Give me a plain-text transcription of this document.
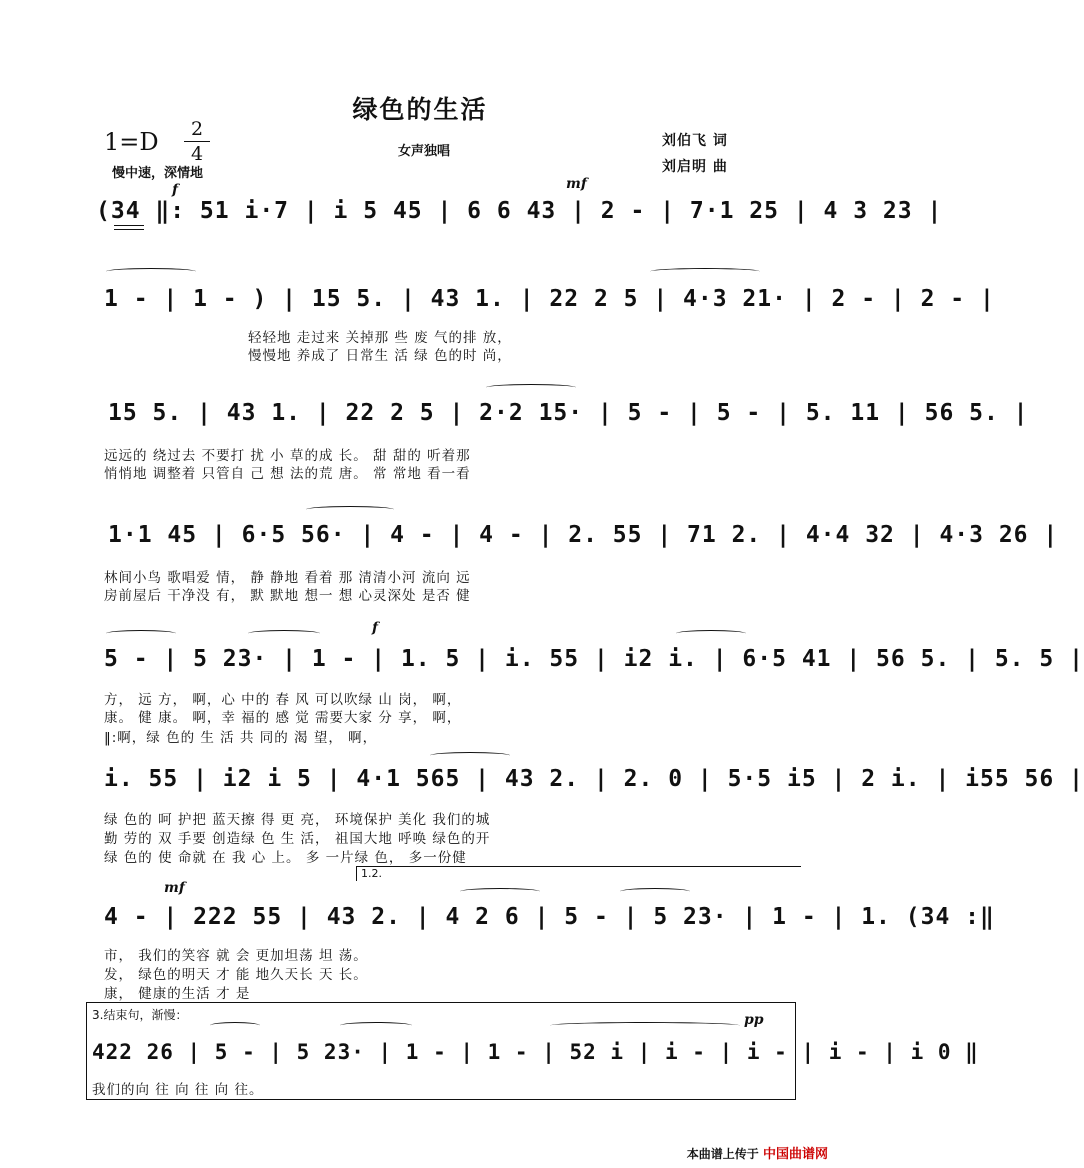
绿色的生活
1=D	2
4
慢中速，深情地
女声独唱
刘伯飞 词
刘启明 曲
f	mf
(34 ‖: 51 i·7 | i 5 45 | 6 6 43 | 2 - | 7·1 25 | 4 3 23 |
1 - | 1 - ) | 15 5. | 43 1. | 22 2 5 | 4·3 21· | 2 - | 2 - |
轻轻地 走过来 关掉那 些 废 气的排 放，
慢慢地 养成了 日常生 活 绿 色的时 尚，
15 5. | 43 1. | 22 2 5 | 2·2 15· | 5 - | 5 - | 5. 11 | 56 5. |
远远的 绕过去 不要打 扰 小 草的成 长。 甜 甜的 听着那
悄悄地 调整着 只管自 己 想 法的荒 唐。 常 常地 看一看
1·1 45 | 6·5 56· | 4 - | 4 - | 2. 55 | 71 2. | 4·4 32 | 4·3 26 |
林间小鸟 歌唱爱 情， 静 静地 看着 那 清清小河 流向 远
房前屋后 干净没 有， 默 默地 想一 想 心灵深处 是否 健
f
5 - | 5 23· | 1 - | 1. 5 | i. 55 | i2 i. | 6·5 41 | 56 5. | 5. 5 |
方， 远 方， 啊，心 中的 春 风 可以吹绿 山 岗， 啊，
康。 健 康。 啊，幸 福的 感 觉 需要大家 分 享， 啊，
‖:啊，绿 色的 生 活 共 同的 渴 望， 啊，
i. 55 | i2 i 5 | 4·1 565 | 43 2. | 2. 0 | 5·5 i5 | 2 i. | i55 56 |
绿 色的 呵 护把 蓝天擦 得 更 亮， 环境保护 美化 我们的城
勤 劳的 双 手要 创造绿 色 生 活， 祖国大地 呼唤 绿色的开
绿 色的 使 命就 在 我 心 上。 多 一片绿 色， 多一份健
1.2.
mf
4 - | 222 55 | 43 2. | 4 2 6 | 5 - | 5 23· | 1 - | 1. (34 :‖
市， 我们的笑容 就 会 更加坦荡 坦 荡。
发， 绿色的明天 才 能 地久天长 天 长。
康， 健康的生活 才 是
3.结束句，渐慢：	pp
422 26 | 5 - | 5 23· | 1 - | 1 - | 52 i | i - | i - | i - | i 0 ‖
我们的向 往 向 往 向 往。
本曲谱上传于 中国曲谱网
